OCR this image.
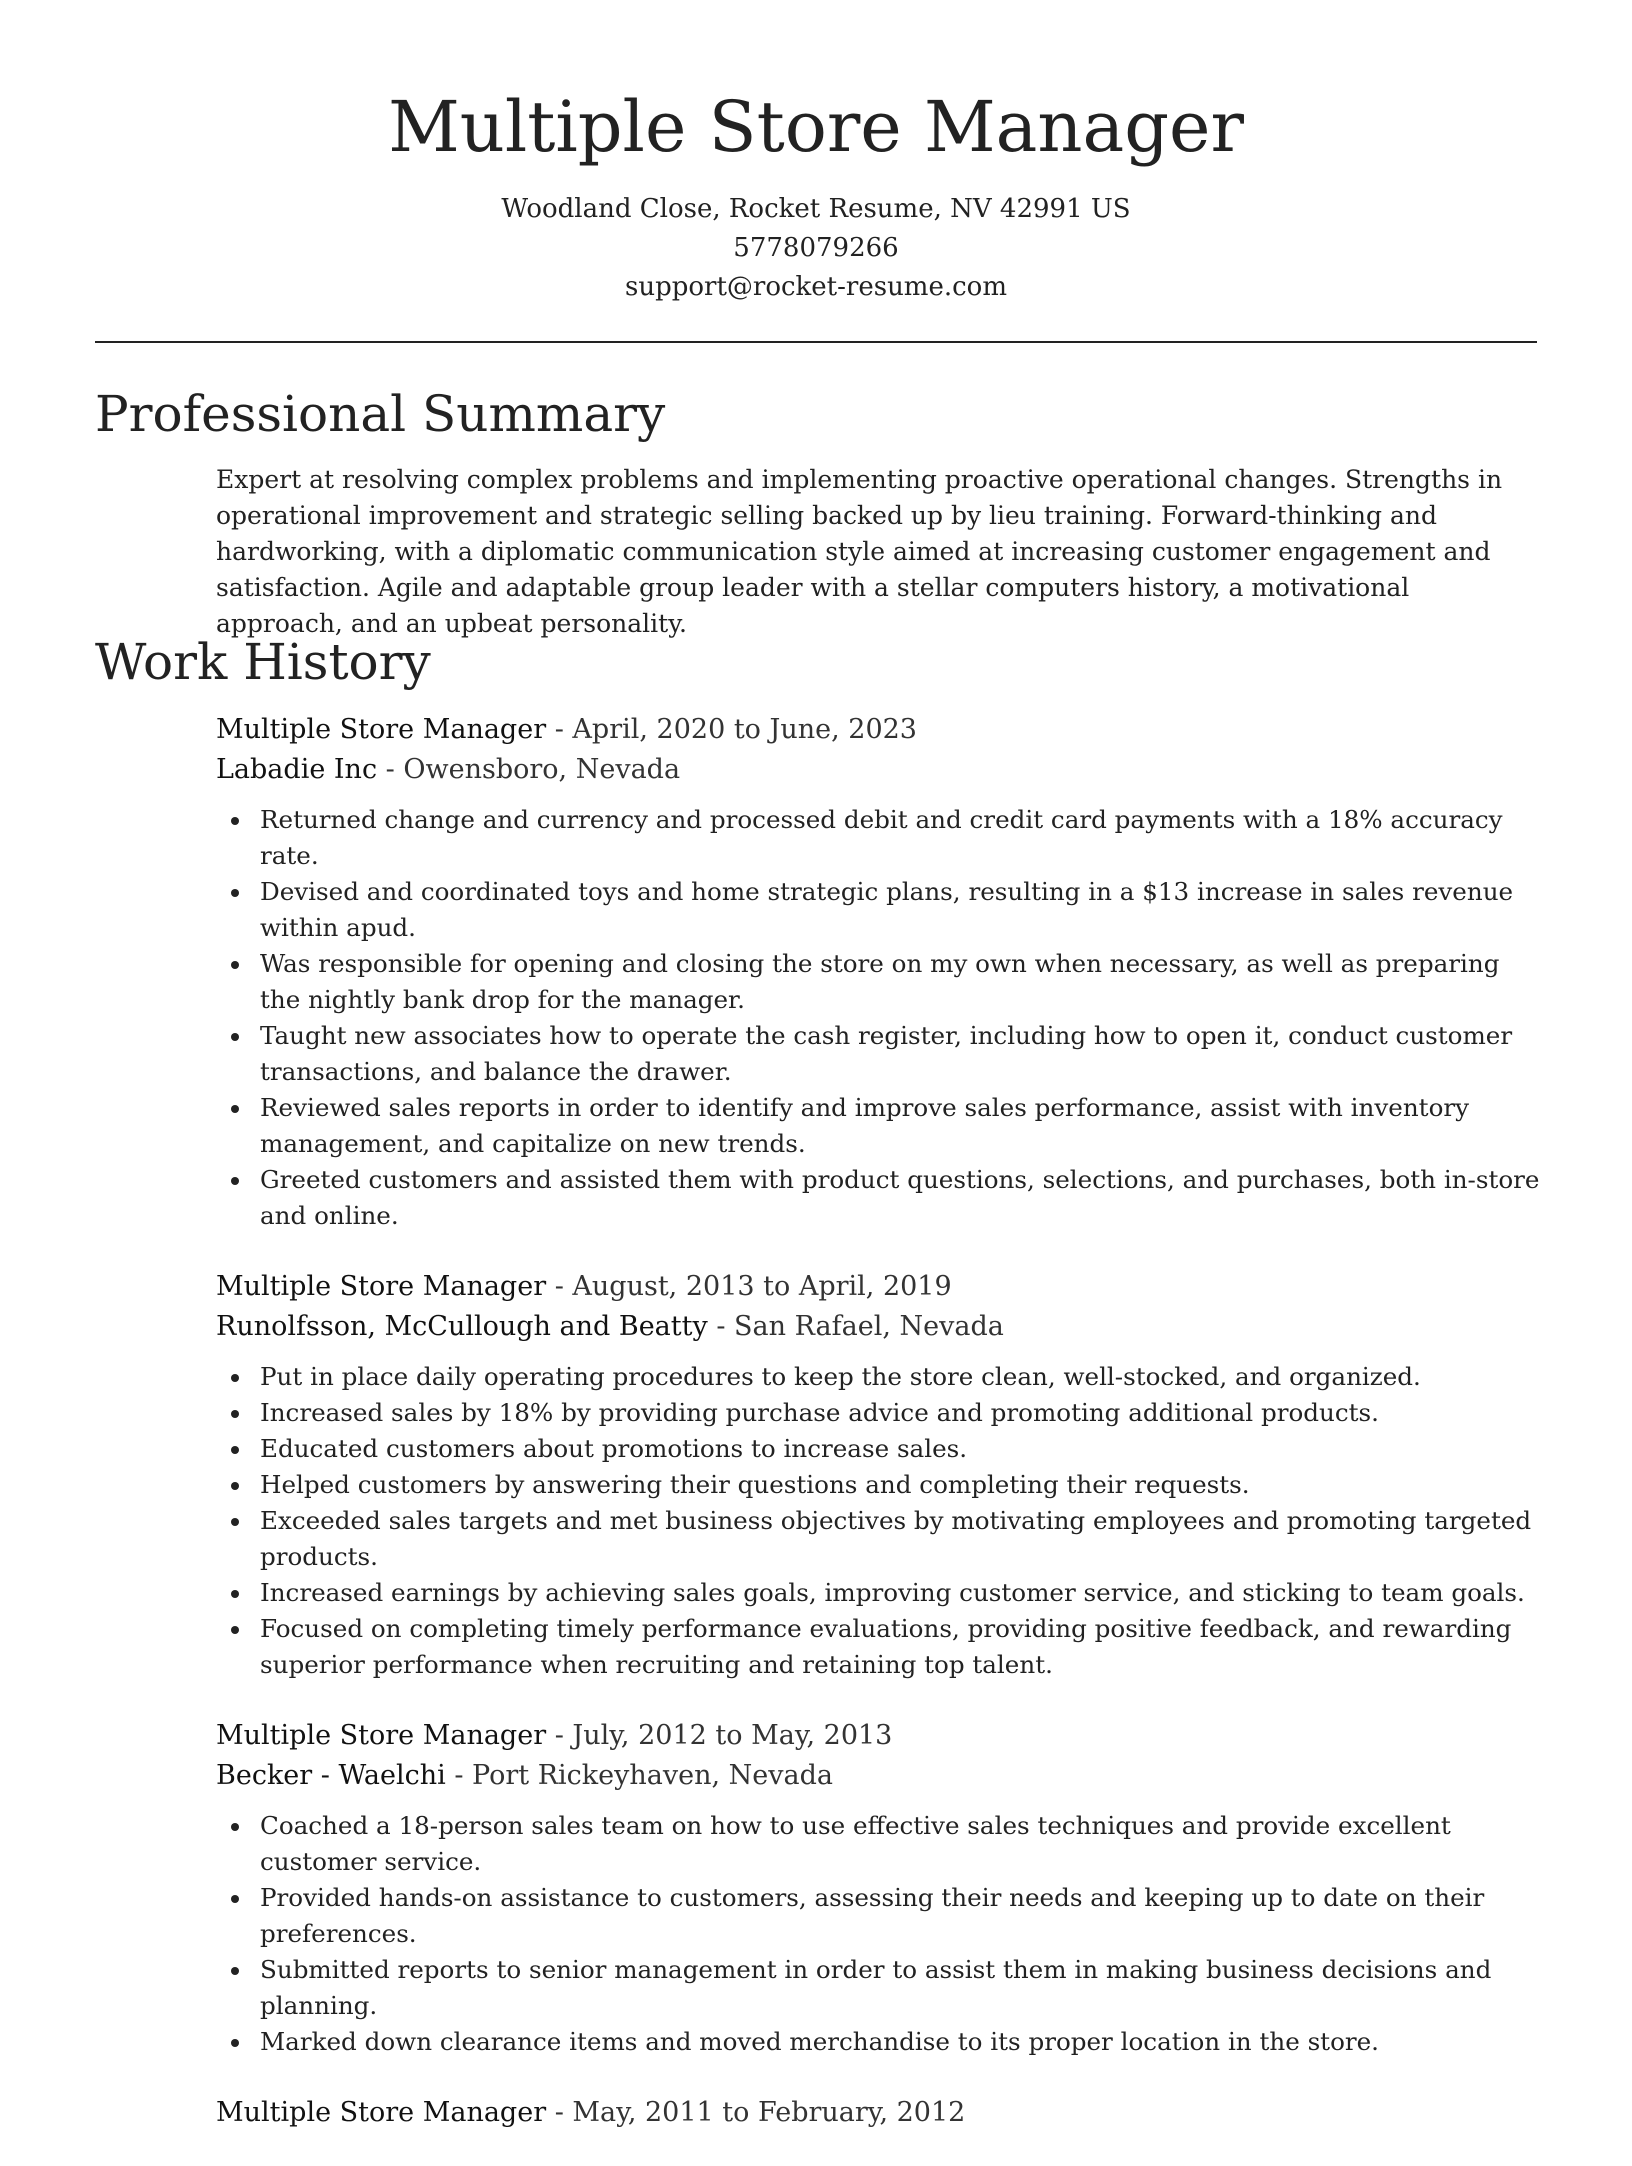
Multiple Store Manager
Woodland Close, Rocket Resume, NV 42991 US
5778079266
support@rocket-resume.com
Professional Summary

Expert at resolving complex problems and implementing proactive operational changes. Strengths in operational improvement and strategic selling backed up by lieu training. Forward-thinking and hardworking, with a diplomatic communication style aimed at increasing customer engagement and satisfaction. Agile and adaptable group leader with a stellar computers history, a motivational approach, and an upbeat personality.

Work History
Multiple Store Manager - April, 2020 to June, 2023
Labadie Inc - Owensboro, Nevada
Returned change and currency and processed debit and credit card payments with a 18% accuracy rate.
Devised and coordinated toys and home strategic plans, resulting in a $13 increase in sales revenue within apud.
Was responsible for opening and closing the store on my own when necessary, as well as preparing the nightly bank drop for the manager.
Taught new associates how to operate the cash register, including how to open it, conduct customer transactions, and balance the drawer.
Reviewed sales reports in order to identify and improve sales performance, assist with inventory management, and capitalize on new trends.
Greeted customers and assisted them with product questions, selections, and purchases, both in-store and online.
Multiple Store Manager - August, 2013 to April, 2019
Runolfsson, McCullough and Beatty - San Rafael, Nevada
Put in place daily operating procedures to keep the store clean, well-stocked, and organized.
Increased sales by 18% by providing purchase advice and promoting additional products.
Educated customers about promotions to increase sales.
Helped customers by answering their questions and completing their requests.
Exceeded sales targets and met business objectives by motivating employees and promoting targeted products.
Increased earnings by achieving sales goals, improving customer service, and sticking to team goals.
Focused on completing timely performance evaluations, providing positive feedback, and rewarding superior performance when recruiting and retaining top talent.
Multiple Store Manager - July, 2012 to May, 2013
Becker - Waelchi - Port Rickeyhaven, Nevada
Coached a 18-person sales team on how to use effective sales techniques and provide excellent customer service.
Provided hands-on assistance to customers, assessing their needs and keeping up to date on their preferences.
Submitted reports to senior management in order to assist them in making business decisions and planning.
Marked down clearance items and moved merchandise to its proper location in the store.
Multiple Store Manager - May, 2011 to February, 2012
